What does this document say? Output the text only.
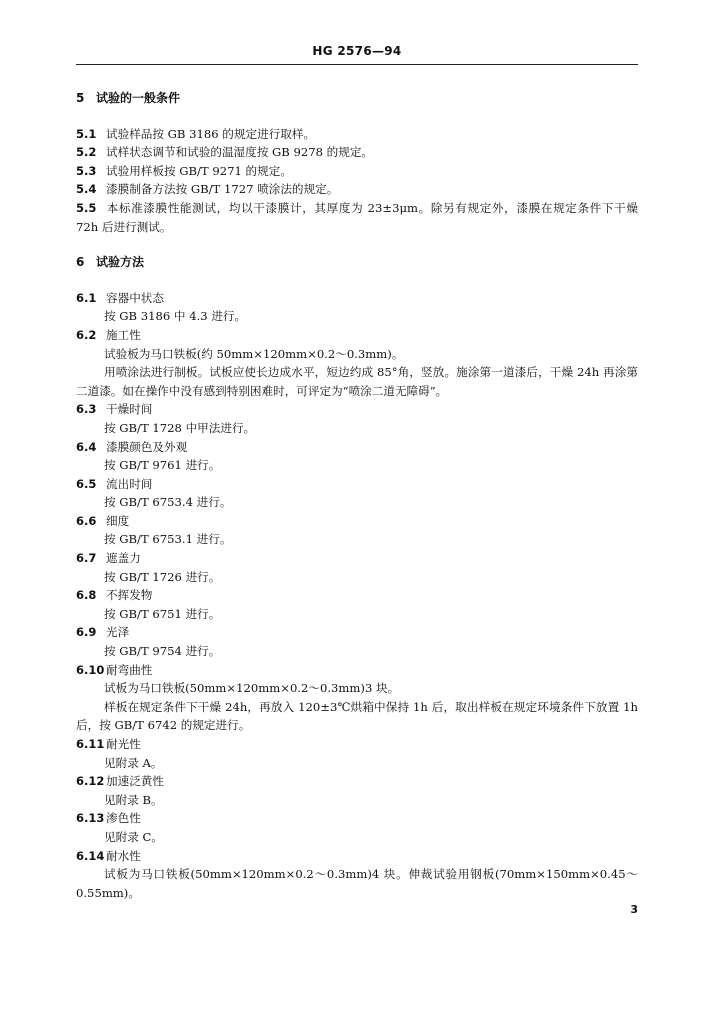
HG 2576—94
5 试验的一般条件
5.1 试验样品按 GB 3186 的规定进行取样。
5.2 试样状态调节和试验的温湿度按 GB 9278 的规定。
5.3 试验用样板按 GB/T 9271 的规定。
5.4 漆膜制备方法按 GB/T 1727 喷涂法的规定。
5.5 本标准漆膜性能测试，均以干漆膜计，其厚度为 23±3μm。除另有规定外，漆膜在规定条件下干燥 72h 后进行测试。
6 试验方法
6.1 容器中状态
按 GB 3186 中 4.3 进行。
6.2 施工性
试验板为马口铁板(约 50mm×120mm×0.2～0.3mm)。
用喷涂法进行制板。试板应使长边成水平，短边约成 85°角，竖放。施涂第一道漆后，干燥 24h 再涂第二道漆。如在操作中没有感到特别困难时，可评定为“喷涂二道无障碍”。
6.3 干燥时间
按 GB/T 1728 中甲法进行。
6.4 漆膜颜色及外观
按 GB/T 9761 进行。
6.5 流出时间
按 GB/T 6753.4 进行。
6.6 细度
按 GB/T 6753.1 进行。
6.7 遮盖力
按 GB/T 1726 进行。
6.8 不挥发物
按 GB/T 6751 进行。
6.9 光泽
按 GB/T 9754 进行。
6.10 耐弯曲性
试板为马口铁板(50mm×120mm×0.2～0.3mm)3 块。
样板在规定条件下干燥 24h，再放入 120±3℃烘箱中保持 1h 后，取出样板在规定环境条件下放置 1h 后，按 GB/T 6742 的规定进行。
6.11 耐光性
见附录 A。
6.12 加速泛黄性
见附录 B。
6.13 渗色性
见附录 C。
6.14 耐水性
试板为马口铁板(50mm×120mm×0.2～0.3mm)4 块。伸裁试验用钢板(70mm×150mm×0.45～0.55mm)。
3
